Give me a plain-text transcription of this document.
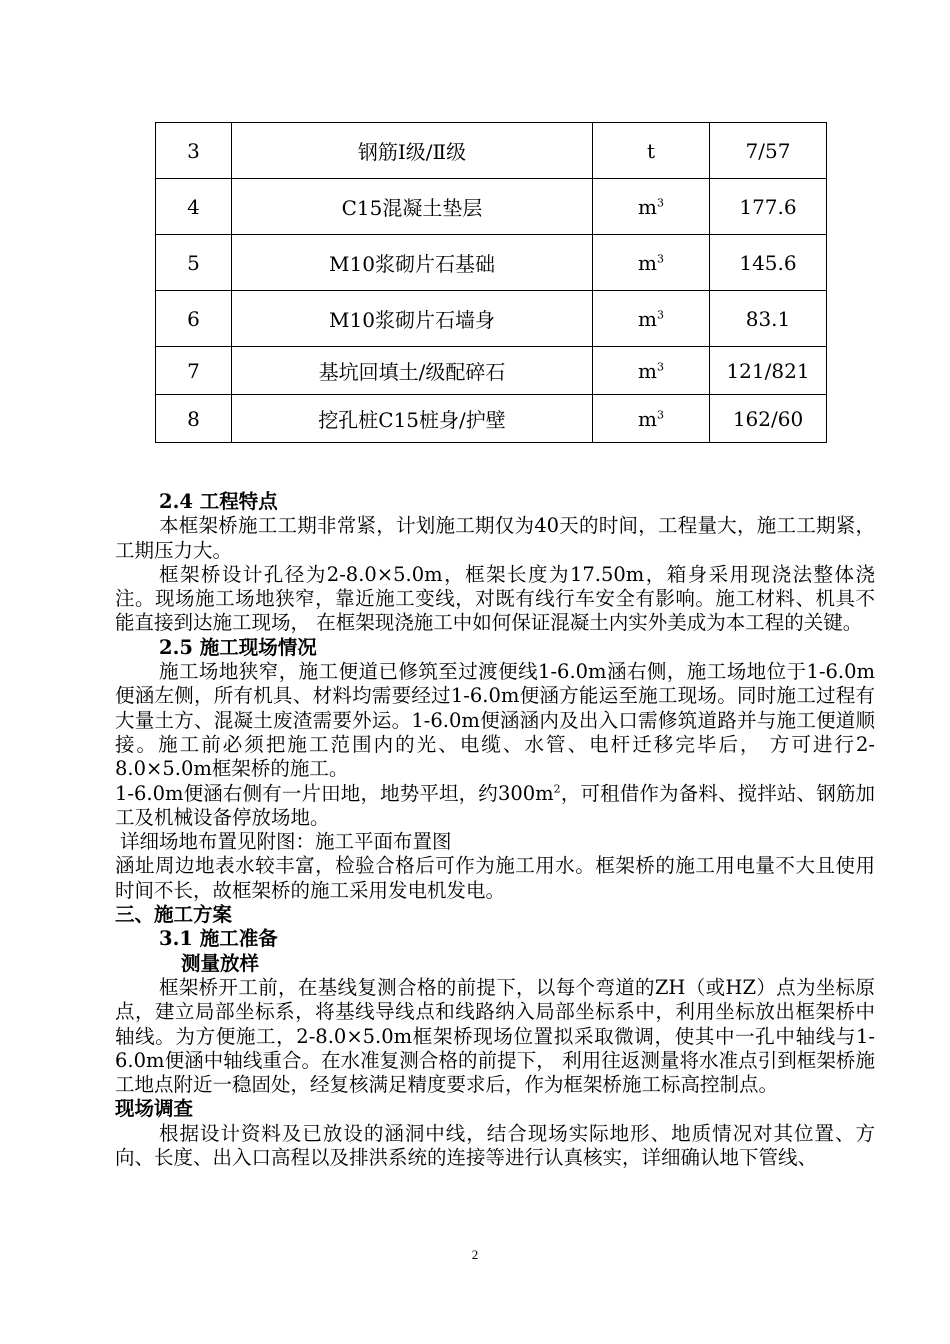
3	钢筋Ⅰ级/Ⅱ级	t	7/57
4	C15混凝土垫层	$m^3$	177.6
5	M10浆砌片石基础	$m^3$	145.6
6	M10浆砌片石墙身	$m^3$	83.1
7	基坑回填土/级配碎石	$m^3$	121/821
8	挖孔桩C15桩身/护壁	$m^3$	162/60

2.4 工程特点

本框架桥施工工期非常紧，计划施工期仅为40天的时间，工程量大，施工工期紧， 工期压力大。

框架桥设计孔径为2-8.0×5.0m，框架长度为17.50m，箱身采用现浇法整体浇注。现场施工场地狭窄，靠近施工变线，对既有线行车安全有影响。施工材料、机具不能直接到达施工现场， 在框架现浇施工中如何保证混凝土内实外美成为本工程的关键。

2.5 施工现场情况

施工场地狭窄，施工便道已修筑至过渡便线1-6.0m涵右侧，施工场地位于1-6.0m便涵左侧，所有机具、材料均需要经过1-6.0m便涵方能运至施工现场。同时施工过程有大量土方、混凝土废渣需要外运。1-6.0m便涵涵内及出入口需修筑道路并与施工便道顺接。施工前必须把施工范围内的光、电缆、水管、电杆迁移完毕后， 方可进行2-8.0×5.0m框架桥的施工。

1-6.0m便涵右侧有一片田地，地势平坦，约$300m^2$，可租借作为备料、搅拌站、钢筋加工及机械设备停放场地。

详细场地布置见附图：施工平面布置图

涵址周边地表水较丰富，检验合格后可作为施工用水。框架桥的施工用电量不大且使用时间不长，故框架桥的施工采用发电机发电。

三、施工方案

3.1 施工准备

测量放样

框架桥开工前，在基线复测合格的前提下，以每个弯道的ZH（或HZ）点为坐标原点，建立局部坐标系，将基线导线点和线路纳入局部坐标系中，利用坐标放出框架桥中轴线。为方便施工，2-8.0×5.0m框架桥现场位置拟采取微调，使其中一孔中轴线与1-6.0m便涵中轴线重合。在水准复测合格的前提下， 利用往返测量将水准点引到框架桥施工地点附近一稳固处，经复核满足精度要求后，作为框架桥施工标高控制点。

现场调查

根据设计资料及已放设的涵洞中线，结合现场实际地形、地质情况对其位置、方向、长度、出入口高程以及排洪系统的连接等进行认真核实，详细确认地下管线、

2
